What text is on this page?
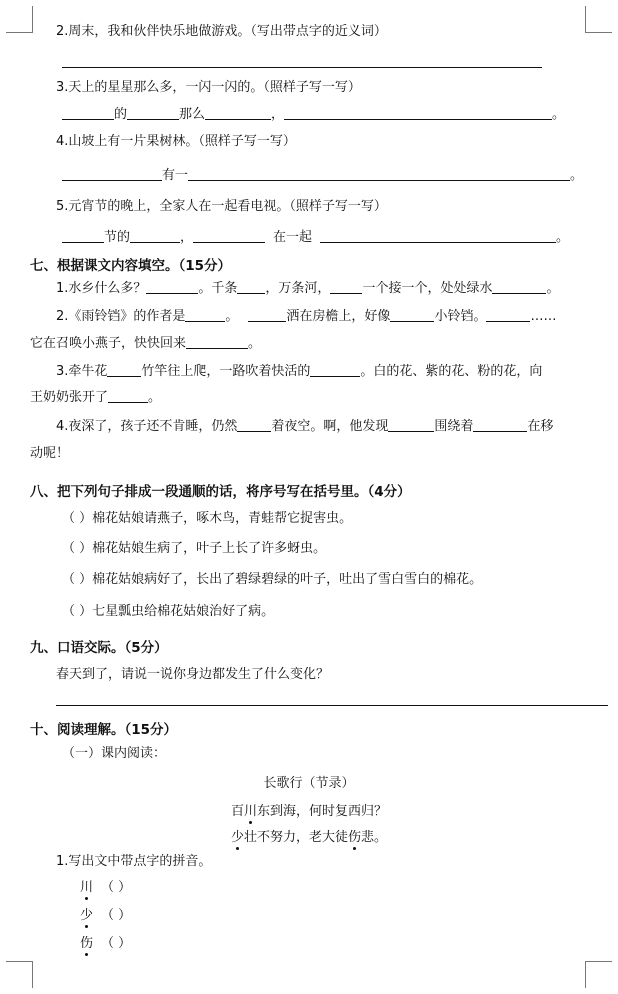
2.周末，我和伙伴快乐地做游戏。（写出带点字的近义词）
3.天上的星星那么多，一闪一闪的。（照样子写一写）
的	那么	，	。
4.山坡上有一片果树林。（照样子写一写）
有一	。
5.元宵节的晚上，全家人在一起看电视。（照样子写一写）
节的	，	在一起	。
七、根据课文内容填空。（15分）
1.水乡什么多？	。千条 ，万条河， 一个接一个，处处绿水	。
2.《雨铃铛》的作者是	。	洒在房檐上，好像	小铃铛。	……
它在召唤小燕子，快快回来	。
3.牵牛花	竹竿往上爬，一路吹着快活的	。白的花、紫的花、粉的花，向
王奶奶张开了	。
4.夜深了，孩子还不肯睡，仍然	着夜空。啊，他发现	围绕着	在移
动呢！
八、把下列句子排成一段通顺的话，将序号写在括号里。（4分）
（ ）棉花姑娘请燕子，啄木鸟，青蛙帮它捉害虫。
（ ）棉花姑娘生病了，叶子上长了许多蚜虫。
（ ）棉花姑娘病好了，长出了碧绿碧绿的叶子，吐出了雪白雪白的棉花。
（ ）七星瓢虫给棉花姑娘治好了病。
九、口语交际。（5分）
春天到了，请说一说你身边都发生了什么变化？
十、阅读理解。（15分）
（一）课内阅读：
长歌行（节录）
百川东到海，何时复西归？
少壮不努力，老大徒伤悲。
1.写出文中带点字的拼音。
川 （ ）
少 （ ）
伤 （ ）
